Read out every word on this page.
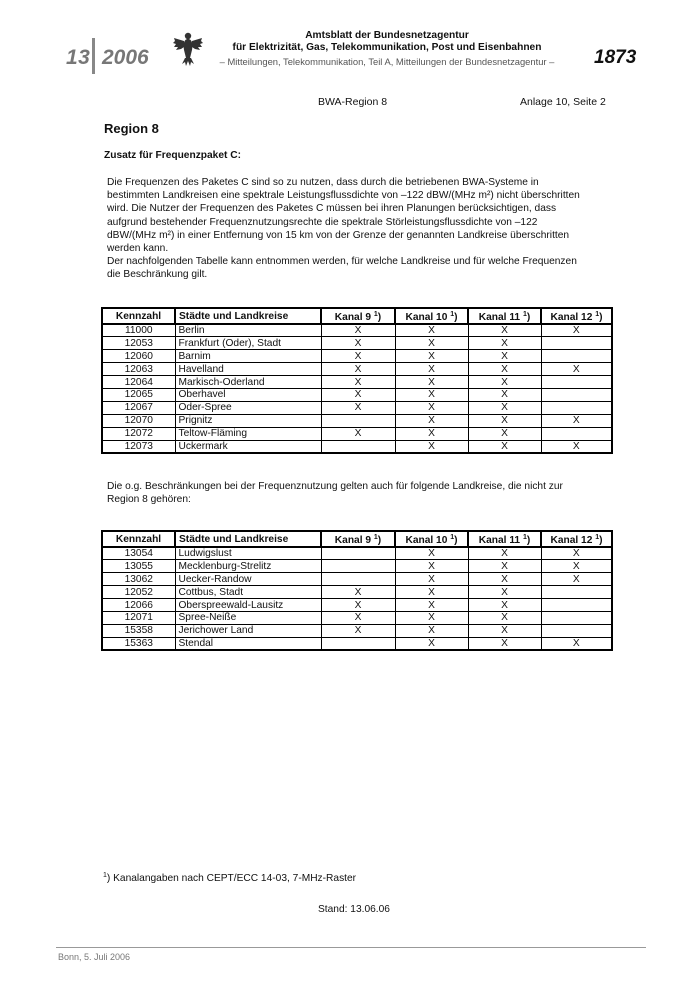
13 2006
Amtsblatt der Bundesnetzagentur
für Elektrizität, Gas, Telekommunikation, Post und Eisenbahnen
– Mitteilungen, Telekommunikation, Teil A, Mitteilungen der Bundesnetzagentur –	1873
BWA-Region 8	Anlage 10, Seite 2
Region 8
Zusatz für Frequenzpaket C:

Die Frequenzen des Paketes C sind so zu nutzen, dass durch die betriebenen BWA-Systeme in

bestimmten Landkreisen eine spektrale Leistungsflussdichte von –122 dBW/(MHz m²) nicht überschritten

wird. Die Nutzer der Frequenzen des Paketes C müssen bei ihren Planungen berücksichtigen, dass

aufgrund bestehender Frequenznutzungsrechte die spektrale Störleistungsflussdichte von –122

dBW/(MHz m²) in einer Entfernung von 15 km von der Grenze der genannten Landkreise überschritten

werden kann.

Der nachfolgenden Tabelle kann entnommen werden, für welche Landkreise und für welche Frequenzen

die Beschränkung gilt.

Kennzahl	Städte und Landkreise	Kanal 9 $^1$)	Kanal 10 $^1$)	Kanal 11 $^1$)	Kanal 12 $^1$)
11000	Berlin	X	X	X	X
12053	Frankfurt (Oder), Stadt	X	X	X	
12060	Barnim	X	X	X	
12063	Havelland	X	X	X	X
12064	Markisch-Oderland	X	X	X	
12065	Oberhavel	X	X	X	
12067	Oder-Spree	X	X	X	
12070	Prignitz		X	X	X
12072	Teltow-Fläming	X	X	X	
12073	Uckermark		X	X	X

Die o.g. Beschränkungen bei der Frequenznutzung gelten auch für folgende Landkreise, die nicht zur

Region 8 gehören:

Kennzahl	Städte und Landkreise	Kanal 9 $^1$)	Kanal 10 $^1$)	Kanal 11 $^1$)	Kanal 12 $^1$)
13054	Ludwigslust		X	X	X
13055	Mecklenburg-Strelitz		X	X	X
13062	Uecker-Randow		X	X	X
12052	Cottbus, Stadt	X	X	X	
12066	Oberspreewald-Lausitz	X	X	X	
12071	Spree-Neiße	X	X	X	
15358	Jerichower Land	X	X	X	
15363	Stendal		X	X	X
$^1$) Kanalangaben nach CEPT/ECC 14-03, 7-MHz-Raster
Stand: 13.06.06
Bonn, 5. Juli 2006
